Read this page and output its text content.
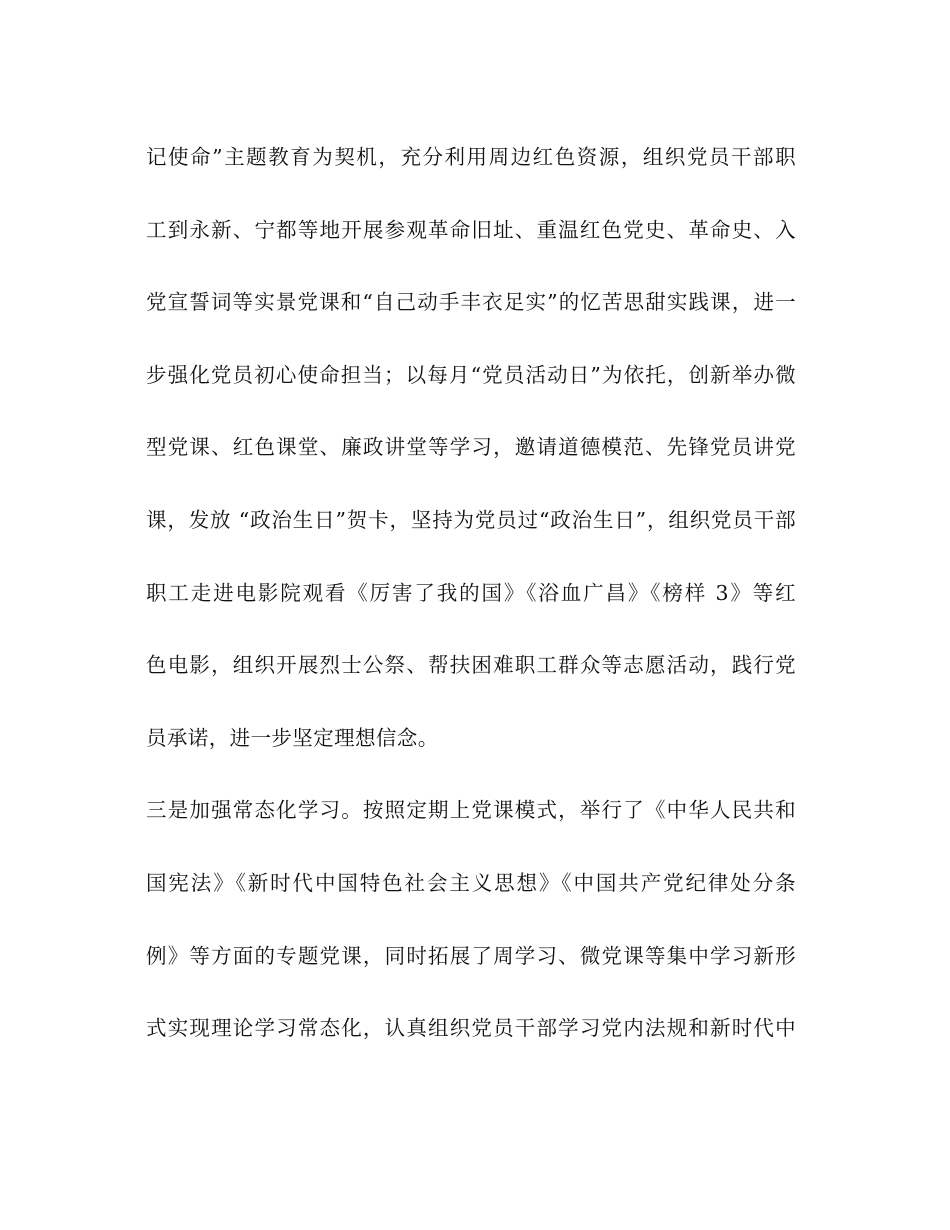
记使命”主题教育为契机，充分利用周边红色资源，组织党员干部职
工到永新、宁都等地开展参观革命旧址、重温红色党史、革命史、入
党宣誓词等实景党课和“自己动手丰衣足实”的忆苦思甜实践课，进一
步强化党员初心使命担当；以每月“党员活动日”为依托，创新举办微
型党课、红色课堂、廉政讲堂等学习，邀请道德模范、先锋党员讲党
课，发放 “政治生日”贺卡，坚持为党员过“政治生日”，组织党员干部
职工走进电影院观看《厉害了我的国》《浴血广昌》《榜样 3》等红
色电影，组织开展烈士公祭、帮扶困难职工群众等志愿活动，践行党
员承诺，进一步坚定理想信念。
三是加强常态化学习。按照定期上党课模式，举行了《中华人民共和
国宪法》《新时代中国特色社会主义思想》《中国共产党纪律处分条
例》等方面的专题党课，同时拓展了周学习、微党课等集中学习新形
式实现理论学习常态化，认真组织党员干部学习党内法规和新时代中
